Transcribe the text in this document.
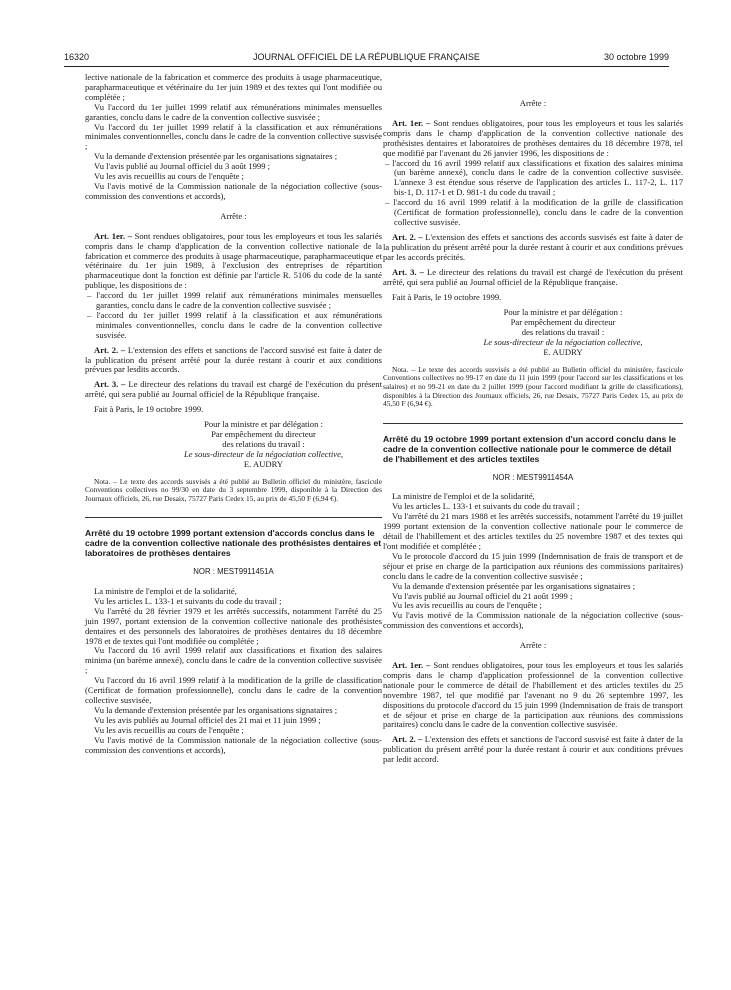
16320	JOURNAL OFFICIEL DE LA RÉPUBLIQUE FRANÇAISE	30 octobre 1999

lective nationale de la fabrication et commerce des produits à usage pharmaceutique, parapharmaceutique et vétérinaire du 1er juin 1989 et des textes qui l'ont modifiée ou complétée ;

Vu l'accord du 1er juillet 1999 relatif aux rémunérations minimales mensuelles garanties, conclu dans le cadre de la convention collective susvisée ;

Vu l'accord du 1er juillet 1999 relatif à la classification et aux rémunérations minimales conventionnelles, conclu dans le cadre de la convention collective susvisée ;

Vu la demande d'extension présentée par les organisations signataires ;

Vu l'avis publié au Journal officiel du 3 août 1999 ;

Vu les avis recueillis au cours de l'enquête ;

Vu l'avis motivé de la Commission nationale de la négociation collective (sous-commission des conventions et accords),

Arrête :

Art. 1er. – Sont rendues obligatoires, pour tous les employeurs et tous les salariés compris dans le champ d'application de la convention collective nationale de la fabrication et commerce des produits à usage pharmaceutique, parapharmaceutique et vétérinaire du 1er juin 1989, à l'exclusion des entreprises de répartition pharmaceutique dont la fonction est définie par l'article R. 5106 du code de la santé publique, les dispositions de :

– l'accord du 1er juillet 1999 relatif aux rémunérations minimales mensuelles garanties, conclu dans le cadre de la convention collective susvisée ;

– l'accord du 1er juillet 1999 relatif à la classification et aux rémunérations minimales conventionnelles, conclu dans le cadre de la convention collective susvisée.

Art. 2. – L'extension des effets et sanctions de l'accord susvisé est faite à dater de la publication du présent arrêté pour la durée restant à courir et aux conditions prévues par lesdits accords.

Art. 3. – Le directeur des relations du travail est chargé de l'exécution du présent arrêté, qui sera publié au Journal officiel de la République française.

Fait à Paris, le 19 octobre 1999.

Pour la ministre et par délégation :

Par empêchement du directeur

des relations du travail :

Le sous-directeur de la négociation collective,

E. AUDRY

Nota. – Le texte des accords susvisés a été publié au Bulletin officiel du ministère, fascicule Conventions collectives no 99/30 en date du 3 septembre 1999, disponible à la Direction des Journaux officiels, 26, rue Desaix, 75727 Paris Cedex 15, au prix de 45,50 F (6,94 €).

Arrêté du 19 octobre 1999 portant extension d'accords conclus dans le cadre de la convention collective nationale des prothésistes dentaires et laboratoires de prothèses dentaires

NOR : MEST9911451A

La ministre de l'emploi et de la solidarité,

Vu les articles L. 133-1 et suivants du code du travail ;

Vu l'arrêté du 28 février 1979 et les arrêtés successifs, notamment l'arrêté du 25 juin 1997, portant extension de la convention collective nationale des prothésistes dentaires et des personnels des laboratoires de prothèses dentaires du 18 décembre 1978 et de textes qui l'ont modifiée ou complétée ;

Vu l'accord du 16 avril 1999 relatif aux classifications et fixation des salaires minima (un barème annexé), conclu dans le cadre de la convention collective susvisée ;

Vu l'accord du 16 avril 1999 relatif à la modification de la grille de classification (Certificat de formation professionnelle), conclu dans le cadre de la convention collective susvisée,

Vu la demande d'extension présentée par les organisations signataires ;

Vu les avis publiés au Journal officiel des 21 mai et 11 juin 1999 ;

Vu les avis recueillis au cours de l'enquête ;

Vu l'avis motivé de la Commission nationale de la négociation collective (sous-commission des conventions et accords),

Arrête :

Art. 1er. – Sont rendues obligatoires, pour tous les employeurs et tous les salariés compris dans le champ d'application de la convention collective nationale des prothésistes dentaires et laboratoires de prothèses dentaires du 18 décembre 1978, tel que modifié par l'avenant du 26 janvier 1996, les dispositions de :

– l'accord du 16 avril 1999 relatif aux classifications et fixation des salaires minima (un barème annexé), conclu dans le cadre de la convention collective susvisée. L'annexe 3 est étendue sous réserve de l'application des articles L. 117-2, L. 117 bis-1, D. 117-1 et D. 981-1 du code du travail ;

– l'accord du 16 avril 1999 relatif à la modification de la grille de classification (Certificat de formation professionnelle), conclu dans le cadre de la convention collective susvisée.

Art. 2. – L'extension des effets et sanctions des accords susvisés est faite à dater de la publication du présent arrêté pour la durée restant à courir et aux conditions prévues par les accords précités.

Art. 3. – Le directeur des relations du travail est chargé de l'exécution du présent arrêté, qui sera publié au Journal officiel de la République française.

Fait à Paris, le 19 octobre 1999.

Pour la ministre et par délégation :

Par empêchement du directeur

des relations du travail :

Le sous-directeur de la négociation collective,

E. AUDRY

Nota. – Le texte des accords susvisés a été publié au Bulletin officiel du ministère, fascicule Conventions collectives no 99-17 en date du 11 juin 1999 (pour l'accord sur les classifications et les salaires) et no 99-21 en date du 2 juillet 1999 (pour l'accord modifiant la grille de classifications), disponibles à la Direction des Journaux officiels, 26, rue Desaix, 75727 Paris Cedex 15, au prix de 45,50 F (6,94 €).

Arrêté du 19 octobre 1999 portant extension d'un accord conclu dans le cadre de la convention collective nationale pour le commerce de détail de l'habillement et des articles textiles

NOR : MEST9911454A

La ministre de l'emploi et de la solidarité,

Vu les articles L. 133-1 et suivants du code du travail ;

Vu l'arrêté du 21 mars 1988 et les arrêtés successifs, notamment l'arrêté du 19 juillet 1999 portant extension de la convention collective nationale pour le commerce de détail de l'habillement et des articles textiles du 25 novembre 1987 et des textes qui l'ont modifiée et complétée ;

Vu le protocole d'accord du 15 juin 1999 (Indemnisation de frais de transport et de séjour et prise en charge de la participation aux réunions des commissions paritaires) conclu dans le cadre de la convention collective susvisée ;

Vu la demande d'extension présentée par les organisations signataires ;

Vu l'avis publié au Journal officiel du 21 août 1999 ;

Vu les avis recueillis au cours de l'enquête ;

Vu l'avis motivé de la Commission nationale de la négociation collective (sous-commission des conventions et accords),

Arrête :

Art. 1er. – Sont rendues obligatoires, pour tous les employeurs et tous les salariés compris dans le champ d'application professionnel de la convention collective nationale pour le commerce de détail de l'habillement et des articles textiles du 25 novembre 1987, tel que modifié par l'avenant no 9 du 26 septembre 1997, les dispositions du protocole d'accord du 15 juin 1999 (Indemnisation de frais de transport et de séjour et prise en charge de la participation aux réunions des commissions paritaires) conclu dans le cadre de la convention collective susvisée.

Art. 2. – L'extension des effets et sanctions de l'accord susvisé est faite à dater de la publication du présent arrêté pour la durée restant à courir et aux conditions prévues par ledit accord.
